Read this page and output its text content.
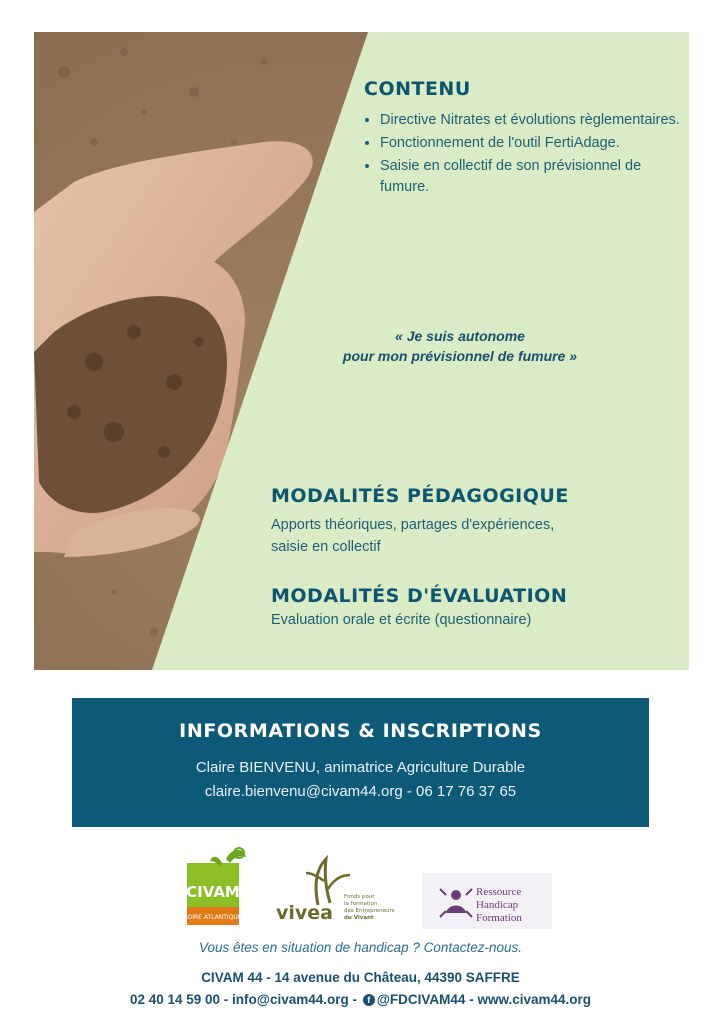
CONTENU
• Directive Nitrates et évolutions règlementaires.
• Fonctionnement de l'outil FertiAdage.
• Saisie en collectif de son prévisionnel de fumure.
« Je suis autonome
pour mon prévisionnel de fumure »
MODALITÉS PÉDAGOGIQUE
Apports théoriques, partages d'expériences,
saisie en collectif
MODALITÉS D'ÉVALUATION
Evaluation orale et écrite (questionnaire)
INFORMATIONS & INSCRIPTIONS
Claire BIENVENU, animatrice Agriculture Durable
claire.bienvenu@civam44.org - 06 17 76 37 65
CIVAM
LOIRE ATLANTIQUE vivea
Fonds pour
la formation
des Entrepreneurs
du Vivant
Ressource
Handicap
Formation
Vous êtes en situation de handicap ? Contactez-nous.
CIVAM 44 - 14 avenue du Château, 44390 SAFFRE
02 40 14 59 00 - info@civam44.org - f @FDCIVAM44 - www.civam44.org
